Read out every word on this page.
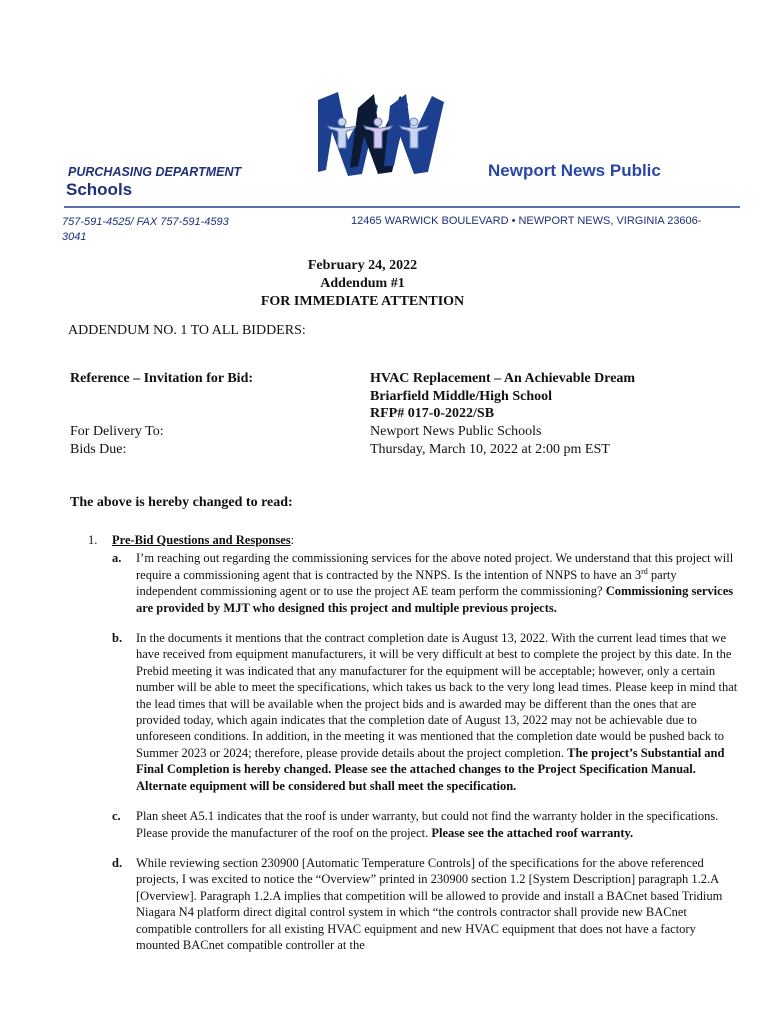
PURCHASING DEPARTMENT	Newport News Public
Schools
757-591-4525/ FAX 757-591-4593 3041
12465 WARWICK BOULEVARD • NEWPORT NEWS, VIRGINIA 23606-
February 24, 2022
Addendum #1
FOR IMMEDIATE ATTENTION
ADDENDUM NO. 1 TO ALL BIDDERS:
Reference – Invitation for Bid:	HVAC Replacement – An Achievable Dream
Briarfield Middle/High School
RFP# 017-0-2022/SB
For Delivery To:	Newport News Public Schools
Bids Due:	Thursday, March 10, 2022 at 2:00 pm EST
The above is hereby changed to read:
1. Pre-Bid Questions and Responses:
a. I’m reaching out regarding the commissioning services for the above noted project. We understand that this project will require a commissioning agent that is contracted by the NNPS. Is the intention of NNPS to have an 3rd party independent commissioning agent or to use the project AE team perform the commissioning? Commissioning services are provided by MJT who designed this project and multiple previous projects.
b. In the documents it mentions that the contract completion date is August 13, 2022. With the current lead times that we have received from equipment manufacturers, it will be very difficult at best to complete the project by this date. In the Prebid meeting it was indicated that any manufacturer for the equipment will be acceptable; however, only a certain number will be able to meet the specifications, which takes us back to the very long lead times. Please keep in mind that the lead times that will be available when the project bids and is awarded may be different than the ones that are provided today, which again indicates that the completion date of August 13, 2022 may not be achievable due to unforeseen conditions. In addition, in the meeting it was mentioned that the completion date would be pushed back to Summer 2023 or 2024; therefore, please provide details about the project completion. The project’s Substantial and Final Completion is hereby changed. Please see the attached changes to the Project Specification Manual. Alternate equipment will be considered but shall meet the specification.
c. Plan sheet A5.1 indicates that the roof is under warranty, but could not find the warranty holder in the specifications. Please provide the manufacturer of the roof on the project. Please see the attached roof warranty.
d. While reviewing section 230900 [Automatic Temperature Controls] of the specifications for the above referenced projects, I was excited to notice the “Overview” printed in 230900 section 1.2 [System Description] paragraph 1.2.A [Overview]. Paragraph 1.2.A implies that competition will be allowed to provide and install a BACnet based Tridium Niagara N4 platform direct digital control system in which “the controls contractor shall provide new BACnet compatible controllers for all existing HVAC equipment and new HVAC equipment that does not have a factory mounted BACnet compatible controller at the
